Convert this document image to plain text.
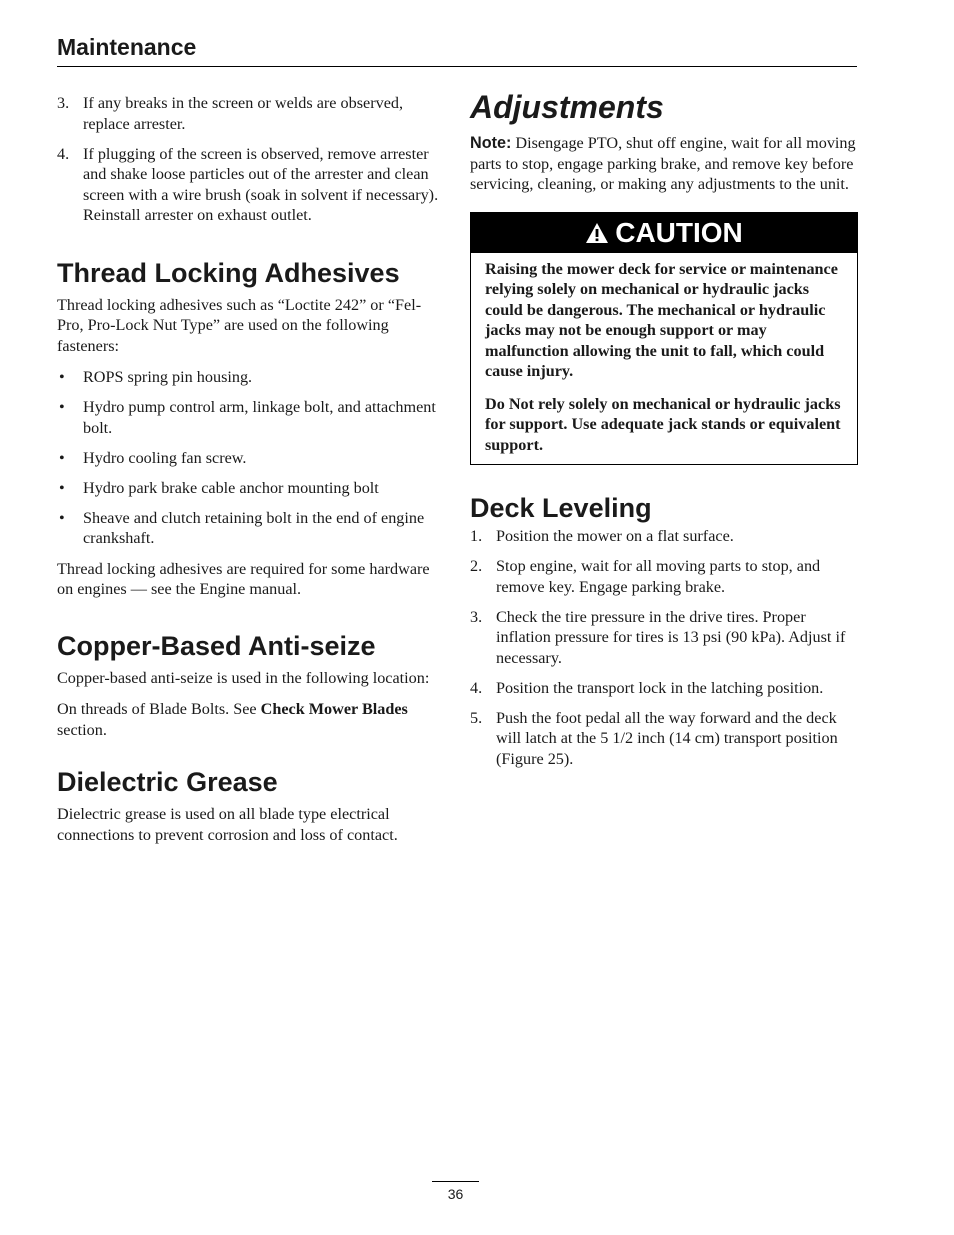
Maintenance
3. If any breaks in the screen or welds are observed, replace arrester.
4. If plugging of the screen is observed, remove arrester and shake loose particles out of the arrester and clean screen with a wire brush (soak in solvent if necessary). Reinstall arrester on exhaust outlet.
Thread Locking Adhesives

Thread locking adhesives such as “Loctite 242” or “Fel-Pro, Pro-Lock Nut Type” are used on the following fasteners:

• ROPS spring pin housing.
• Hydro pump control arm, linkage bolt, and attachment bolt.
• Hydro cooling fan screw.
• Hydro park brake cable anchor mounting bolt
• Sheave and clutch retaining bolt in the end of engine crankshaft.

Thread locking adhesives are required for some hardware on engines — see the Engine manual.

Copper-Based Anti-seize

Copper-based anti-seize is used in the following location:

On threads of Blade Bolts. See Check Mower Blades section.

Dielectric Grease

Dielectric grease is used on all blade type electrical connections to prevent corrosion and loss of contact.

Adjustments

Note: Disengage PTO, shut off engine, wait for all moving parts to stop, engage parking brake, and remove key before servicing, cleaning, or making any adjustments to the unit.

CAUTION

Raising the mower deck for service or maintenance relying solely on mechanical or hydraulic jacks could be dangerous. The mechanical or hydraulic jacks may not be enough support or may malfunction allowing the unit to fall, which could cause injury.

Do Not rely solely on mechanical or hydraulic jacks for support. Use adequate jack stands or equivalent support.

Deck Leveling
1. Position the mower on a flat surface.
2. Stop engine, wait for all moving parts to stop, and remove key. Engage parking brake.
3. Check the tire pressure in the drive tires. Proper inflation pressure for tires is 13 psi (90 kPa). Adjust if necessary.
4. Position the transport lock in the latching position.
5. Push the foot pedal all the way forward and the deck will latch at the 5 1/2 inch (14 cm) transport position (Figure 25).
36
